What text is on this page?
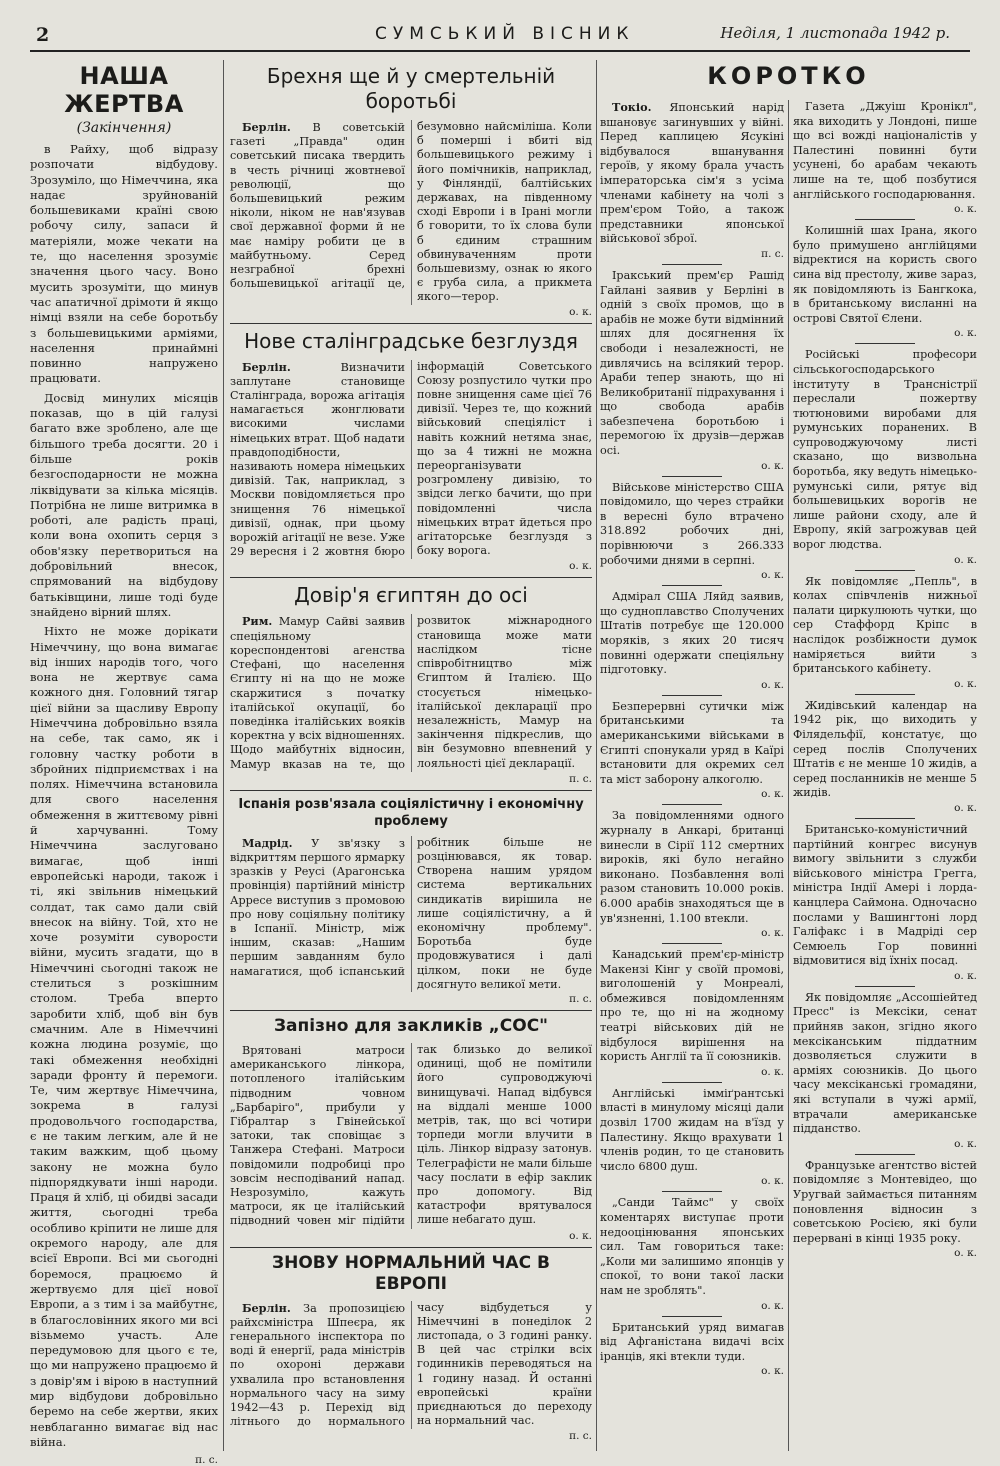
2	СУМСЬКИЙ ВІСНИК	Неділя, 1 листопада 1942 р.
НАША ЖЕРТВА
(Закінчення)

в Райху, щоб відразу розпочати відбудову. Зрозуміло, що Німеччина, яка надає зруйнованій большевиками країні свою робочу силу, запаси й матеріяли, може чекати на те, що населення зрозуміє значення цього часу. Воно мусить зрозуміти, що минув час апатичної дрімоти й якщо німці взяли на себе боротьбу з большевицькими арміями, населення принаймні повинно напружено працювати.

Досвід минулих місяців показав, що в цій галузі багато вже зроблено, але ще більшого треба досягти. 20 і більше років безгосподарности не можна ліквідувати за кілька місяців. Потрібна не лише витримка в роботі, але радість праці, коли вона охопить серця з обов'язку перетвориться на добровільний внесок, спрямований на відбудову батьківщини, лише тоді буде знайдено вірний шлях.

Ніхто не може дорікати Німеччину, що вона вимагає від інших народів того, чого вона не жертвує сама кожного дня. Головний тягар цієї війни за щасливу Европу Німеччина добровільно взяла на себе, так само, як і головну частку роботи в збройних підприємствах і на полях. Німеччина встановила для свого населення обмеження в життєвому рівні й харчуванні. Тому Німеччина заслуговано вимагає, щоб інші европейські народи, також і ті, які звільнив німецький солдат, так само дали свій внесок на війну. Той, хто не хоче розуміти суворости війни, мусить згадати, що в Німеччині сьогодні також не стелиться з розкішним столом. Треба вперто заробити хліб, щоб він був смачним. Але в Німеччині кожна людина розуміє, що такі обмеження необхідні заради фронту й перемоги. Те, чим жертвує Німеччина, зокрема в галузі продовольчого господарства, є не таким легким, але й не таким важким, щоб цьому закону не можна було підпорядкувати інші народи. Праця й хліб, ці обидві засади життя, сьогодні треба особливо кріпити не лише для окремого народу, але для всієї Европи. Всі ми сьогодні боремося, працюємо й жертвуємо для цієї нової Европи, а з тим і за майбутнє, в благословінних якого ми всі візьмемо участь. Але передумовою для цього є те, що ми напружено працюємо й з довір'ям і вірою в наступний мир відбудови добровільно беремо на себе жертви, яких невблаганно вимагає від нас війна.

п. с.
Брехня ще й у смертельній боротьбі

Берлін. В советській газеті „Правда" один советський писака твердить в честь річниці жовтневої революції, що большевицький режим ніколи, ніком не нав'язував свої державної форми й не має наміру робити це в майбутньому. Серед незграбної брехні большевицької агітації це, безумовно найсміліша. Коли б померші і вбиті від большевицького режиму і його помічників, наприклад, у Фінляндії, балтійських державах, на південному сході Европи і в Ірані могли б говорити, то їх слова були б єдиним страшним обвинуваченням проти большевизму, ознак ю якого є груба сила, а прикмета якого—терор.

о. к.
Нове сталінградське безглуздя

Берлін.	Визначити заплутане становище Сталінграда, ворожа агітація намагається жонглювати високими числами німецьких втрат. Щоб надати правдоподібности, називають номера німецьких дивізій. Так, наприклад, з Москви повідомляється про знищення 76 німецької дивізії, однак, при цьому ворожій агітації не везе. Уже 29 вересня і 2 жовтня бюро інформацій Советського Союзу розпустило чутки про повне знищення саме цієї 76 дивізії. Через те, що кожний військовий спеціяліст і навіть кожний нетяма знає, що за 4 тижні не можна переорганізувати розгромлену дивізію, то звідси легко бачити, що при повідомленні числа німецьких втрат йдеться про агітаторське безглуздя з боку ворога.

о. к.
Довір'я єгиптян до осі

Рим. Мамур Сайві заявив спеціяльному кореспондентові агенства Стефані, що населення Єгипту ні на що не може скаржитися з початку італійської окупації, бо поведінка італійських вояків коректна у всіх відношеннях. Щодо майбутніх відносин, Мамур вказав на те, що розвиток міжнародного становища може мати наслідком тісне співробітництво між Єгиптом й Італією. Що стосується німецько-італійської декларації про незалежність, Мамур на закінчення підкреслив, що він безумовно впевнений у лояльності цієї декларації.

п. с.
Іспанія розв'язала соціялістичну і економічну проблему

Мадрід. У зв'язку з відкриттям першого ярмарку зразків у Реусі (Арагонська провінція) партійний міністр Арресе виступив з промовою про нову соціяльну політику в Іспанії. Міністр, між іншим, сказав: „Нашим першим завданням було намагатися, щоб іспанський робітник більше не розцінювався, як товар. Створена нашим урядом система вертикальних синдикатів вирішила не лише соціялістичну, а й економічну проблему". Боротьба буде продовжуватися і далі цілком, поки не буде досягнуто великої мети.

п. с.
Запізно для закликів „СОС"

Врятовані матроси американського лінкора, потопленого італійським підводним човном „Барбаріго", прибули у Гібралтар з Гвінейської затоки, так сповіщає з Танжера Стефані. Матроси повідомили подробиці про зовсім несподіваний напад. Незрозуміло, кажуть матроси, як це італійський підводний човен міг підійти так близько до великої одиниці, щоб не помітили його супроводжуючі винищувачі. Напад відбувся на віддалі менше 1000 метрів, так, що всі чотири торпеди могли влучити в ціль. Лінкор відразу затонув. Телеграфісти не мали більше часу послати в ефір заклик про допомогу. Від катастрофи врятувалося лише небагато душ.

о. к.
ЗНОВУ НОРМАЛЬНИЙ ЧАС В ЕВРОПІ

Берлін. За пропозицією райхсміністра Шпеєра, як генерального інспектора по воді й енергії, рада міністрів по охороні держави ухвалила про встановлення нормального часу на зиму 1942—43 р. Перехід від літнього до нормального часу відбудеться у Німеччині в понеділок 2 листопада, о 3 годині ранку. В цей час стрілки всіх годинників переводяться на 1 годину назад. Й останні европейські країни приєднаються до переходу на нормальний час.

п. с.
КОРОТКО

Токіо. Японський нарід вшановує загинувших у війні. Перед каплицею Ясукіні відбувалося вшанування героїв, у якому брала участь імператорська сім'я з усіма членами кабінету на чолі з прем'єром Тойо, а також представники японської військової зброї.

п. с.

Іракський прем'єр Рашід Гайлані заявив у Берліні в одній з своїх промов, що в арабів не може бути відмінний шлях для досягнення їх свободи і незалежності, не дивлячись на всілякий терор. Араби тепер знають, що ні Великобританії підрахування і що свобода арабів забезпечена боротьбою і перемогою їх друзів—держав осі.

о. к.

Військове міністерство США повідомило, що через страйки в вересні було втрачено 318.892 робочих дні, порівнюючи з 266.333 робочими днями в серпні.

о. к.

Адмірал США Ляйд заявив, що судноплавство Сполучених Штатів потребує ще 120.000 моряків, з яких 20 тисяч повинні одержати спеціяльну підготовку.

о. к.

Безперервні сутички між британськими та американськими військами в Єгипті спонукали уряд в Каїрі встановити для окремих сел та міст заборону алкоголю.

о. к.

За повідомленнями одного журналу в Анкарі, британці винесли в Сірії 112 смертних вироків, які було негайно виконано. Позбавлення волі разом становить 10.000 років. 6.000 арабів знаходяться ще в ув'язненні, 1.100 втекли.

о. к.

Канадський прем'єр-міністр Макензі Кінг у своїй промові, виголошеній у Монреалі, обмежився повідомленням про те, що ні на жодному театрі військових дій не відбулося вирішення на користь Англії та її союзників.

о. к.

Англійські імміґрантські власті в минулому місяці дали дозвіл 1700 жидам на в'їзд у Палестину. Якщо врахувати 1 членів родин, то це становить число 6800 душ.

о. к.

„Санди Таймс" у своїх коментарях виступає проти недооцінювання японських сил. Там говориться таке: „Коли ми залишимо японців у спокої, то вони такої ласки нам не зроблять".

о. к.

Британський уряд вимагав від Афганістана видачі всіх іранців, які втекли туди.

о. к.

Газета „Джуіш Кронікл", яка виходить у Лондоні, пише що всі вожді націоналістів у Палестині повинні бути усунені, бо арабам чекають лише на те, щоб позбутися англійського господарювання.

о. к.

Колишній шах Ірана, якого було примушено англійцями відректися на користь свого сина від престолу, живе зараз, як повідомляють із Бангкока, в британському висланні на острові Святої Єлени.

о. к.

Російські професори сільськогосподарського інституту в Трансністрії переслали пожертву тютюновими виробами для румунських поранених. В супроводжуючому листі сказано, що визвольна боротьба, яку ведуть німецько-румунські сили, рятує від большевицьких ворогів не лише райони сходу, але й Европу, якій загрожував цей ворог людства.

о. к.

Як повідомляє „Пепль", в колах співчленів нижньої палати циркулюють чутки, що сер Стаффорд Кріпс в наслідок розбіжности думок наміряється вийти з британського кабінету.

о. к.

Жидівський календар на 1942 рік, що виходить у Філядельфії, констатує, що серед послів Сполучених Штатів є не менше 10 жидів, а серед посланників не менше 5 жидів.

о. к.

Британсько-комуністичний партійний конгрес висунув вимогу звільнити з служби військового міністра Грегга, міністра Індії Амері і лорда-канцлера Саймона. Одночасно послами у Вашингтоні лорд Галіфакс і в Мадріді сер Семюель Гор повинні відмовитися від їхніх посад.

о. к.

Як повідомляє „Ассошіейтед Пресс" із Мексіки, сенат прийняв закон, згідно якого мексіканським піддатним дозволяється служити в арміях союзників. До цього часу мексіканські громадяни, які вступали в чужі армії, втрачали американське підданство.

о. к.

Французьке агентство вістей повідомляє з Монтевідео, що Уругвай займається питанням поновлення відносин з советською Росією, які були перервані в кінці 1935 року.

о. к.
